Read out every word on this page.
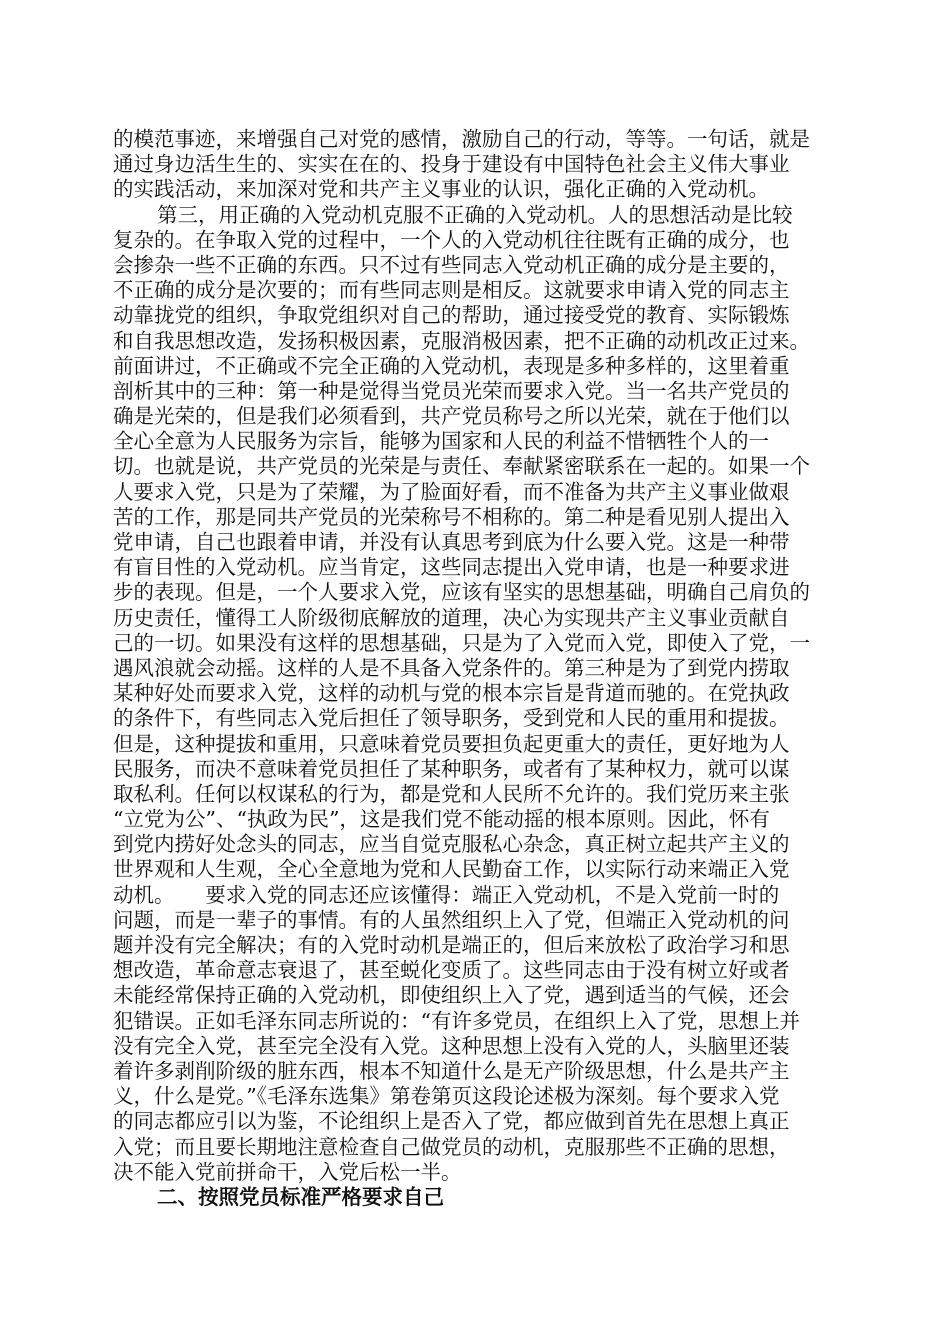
的模范事迹，来增强自己对党的感情，激励自己的行动，等等。一句话，就是
通过身边活生生的、实实在在的、投身于建设有中国特色社会主义伟大事业
的实践活动，来加深对党和共产主义事业的认识，强化正确的入党动机。
第三，用正确的入党动机克服不正确的入党动机。人的思想活动是比较
复杂的。在争取入党的过程中，一个人的入党动机往往既有正确的成分，也
会掺杂一些不正确的东西。只不过有些同志入党动机正确的成分是主要的，
不正确的成分是次要的；而有些同志则是相反。这就要求申请入党的同志主
动靠拢党的组织，争取党组织对自己的帮助，通过接受党的教育、实际锻炼
和自我思想改造，发扬积极因素，克服消极因素，把不正确的动机改正过来。
前面讲过，不正确或不完全正确的入党动机，表现是多种多样的，这里着重
剖析其中的三种：第一种是觉得当党员光荣而要求入党。当一名共产党员的
确是光荣的，但是我们必须看到，共产党员称号之所以光荣，就在于他们以
全心全意为人民服务为宗旨，能够为国家和人民的利益不惜牺牲个人的一
切。也就是说，共产党员的光荣是与责任、奉献紧密联系在一起的。如果一个
人要求入党，只是为了荣耀，为了脸面好看，而不准备为共产主义事业做艰
苦的工作，那是同共产党员的光荣称号不相称的。第二种是看见别人提出入
党申请，自己也跟着申请，并没有认真思考到底为什么要入党。这是一种带
有盲目性的入党动机。应当肯定，这些同志提出入党申请，也是一种要求进
步的表现。但是，一个人要求入党，应该有坚实的思想基础，明确自己肩负的
历史责任，懂得工人阶级彻底解放的道理，决心为实现共产主义事业贡献自
己的一切。如果没有这样的思想基础，只是为了入党而入党，即使入了党，一
遇风浪就会动摇。这样的人是不具备入党条件的。第三种是为了到党内捞取
某种好处而要求入党，这样的动机与党的根本宗旨是背道而驰的。在党执政
的条件下，有些同志入党后担任了领导职务，受到党和人民的重用和提拔。
但是，这种提拔和重用，只意味着党员要担负起更重大的责任，更好地为人
民服务，而决不意味着党员担任了某种职务，或者有了某种权力，就可以谋
取私利。任何以权谋私的行为，都是党和人民所不允许的。我们党历来主张
“立党为公”、“执政为民”，这是我们党不能动摇的根本原则。因此，怀有
到党内捞好处念头的同志，应当自觉克服私心杂念，真正树立起共产主义的
世界观和人生观，全心全意地为党和人民勤奋工作，以实际行动来端正入党
动机。　　要求入党的同志还应该懂得：端正入党动机，不是入党前一时的
问题，而是一辈子的事情。有的人虽然组织上入了党，但端正入党动机的问
题并没有完全解决；有的入党时动机是端正的，但后来放松了政治学习和思
想改造，革命意志衰退了，甚至蜕化变质了。这些同志由于没有树立好或者
未能经常保持正确的入党动机，即使组织上入了党，遇到适当的气候，还会
犯错误。正如毛泽东同志所说的：“有许多党员，在组织上入了党，思想上并
没有完全入党，甚至完全没有入党。这种思想上没有入党的人，头脑里还装
着许多剥削阶级的脏东西，根本不知道什么是无产阶级思想，什么是共产主
义，什么是党。”《毛泽东选集》第卷第页这段论述极为深刻。每个要求入党
的同志都应引以为鉴，不论组织上是否入了党，都应做到首先在思想上真正
入党；而且要长期地注意检查自己做党员的动机，克服那些不正确的思想，
决不能入党前拼命干，入党后松一半。
二、按照党员标准严格要求自己
